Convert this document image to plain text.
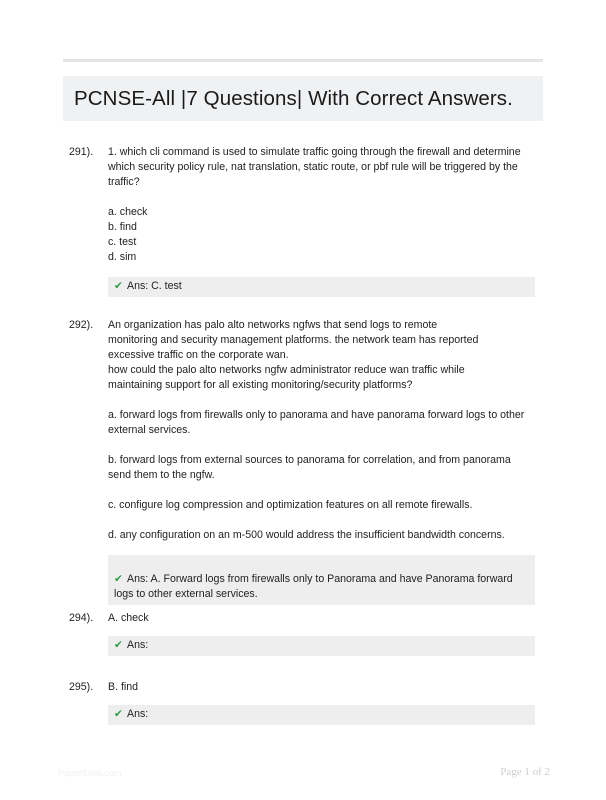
PCNSE-All |7 Questions| With Correct Answers.
291).	1. which cli command is used to simulate traffic going through the firewall and determine
which security policy rule, nat translation, static route, or pbf rule will be triggered by the
traffic?
a. check
b. find
c. test
d. sim
✔ Ans: C. test
292).	An organization has palo alto networks ngfws that send logs to remote
monitoring and security management platforms. the network team has reported
excessive traffic on the corporate wan.
how could the palo alto networks ngfw administrator reduce wan traffic while
maintaining support for all existing monitoring/security platforms?
a. forward logs from firewalls only to panorama and have panorama forward logs to other
external services.
b. forward logs from external sources to panorama for correlation, and from panorama
send them to the ngfw.
c. configure log compression and optimization features on all remote firewalls.
d. any configuration on an m-500 would address the insufficient bandwidth concerns.

✔ Ans: A. Forward logs from firewalls only to Panorama and have Panorama forward
logs to other external services.

294).	A. check
✔ Ans:
295).	B. find
✔ Ans:
PaperSible.com	Page 1 of 2
